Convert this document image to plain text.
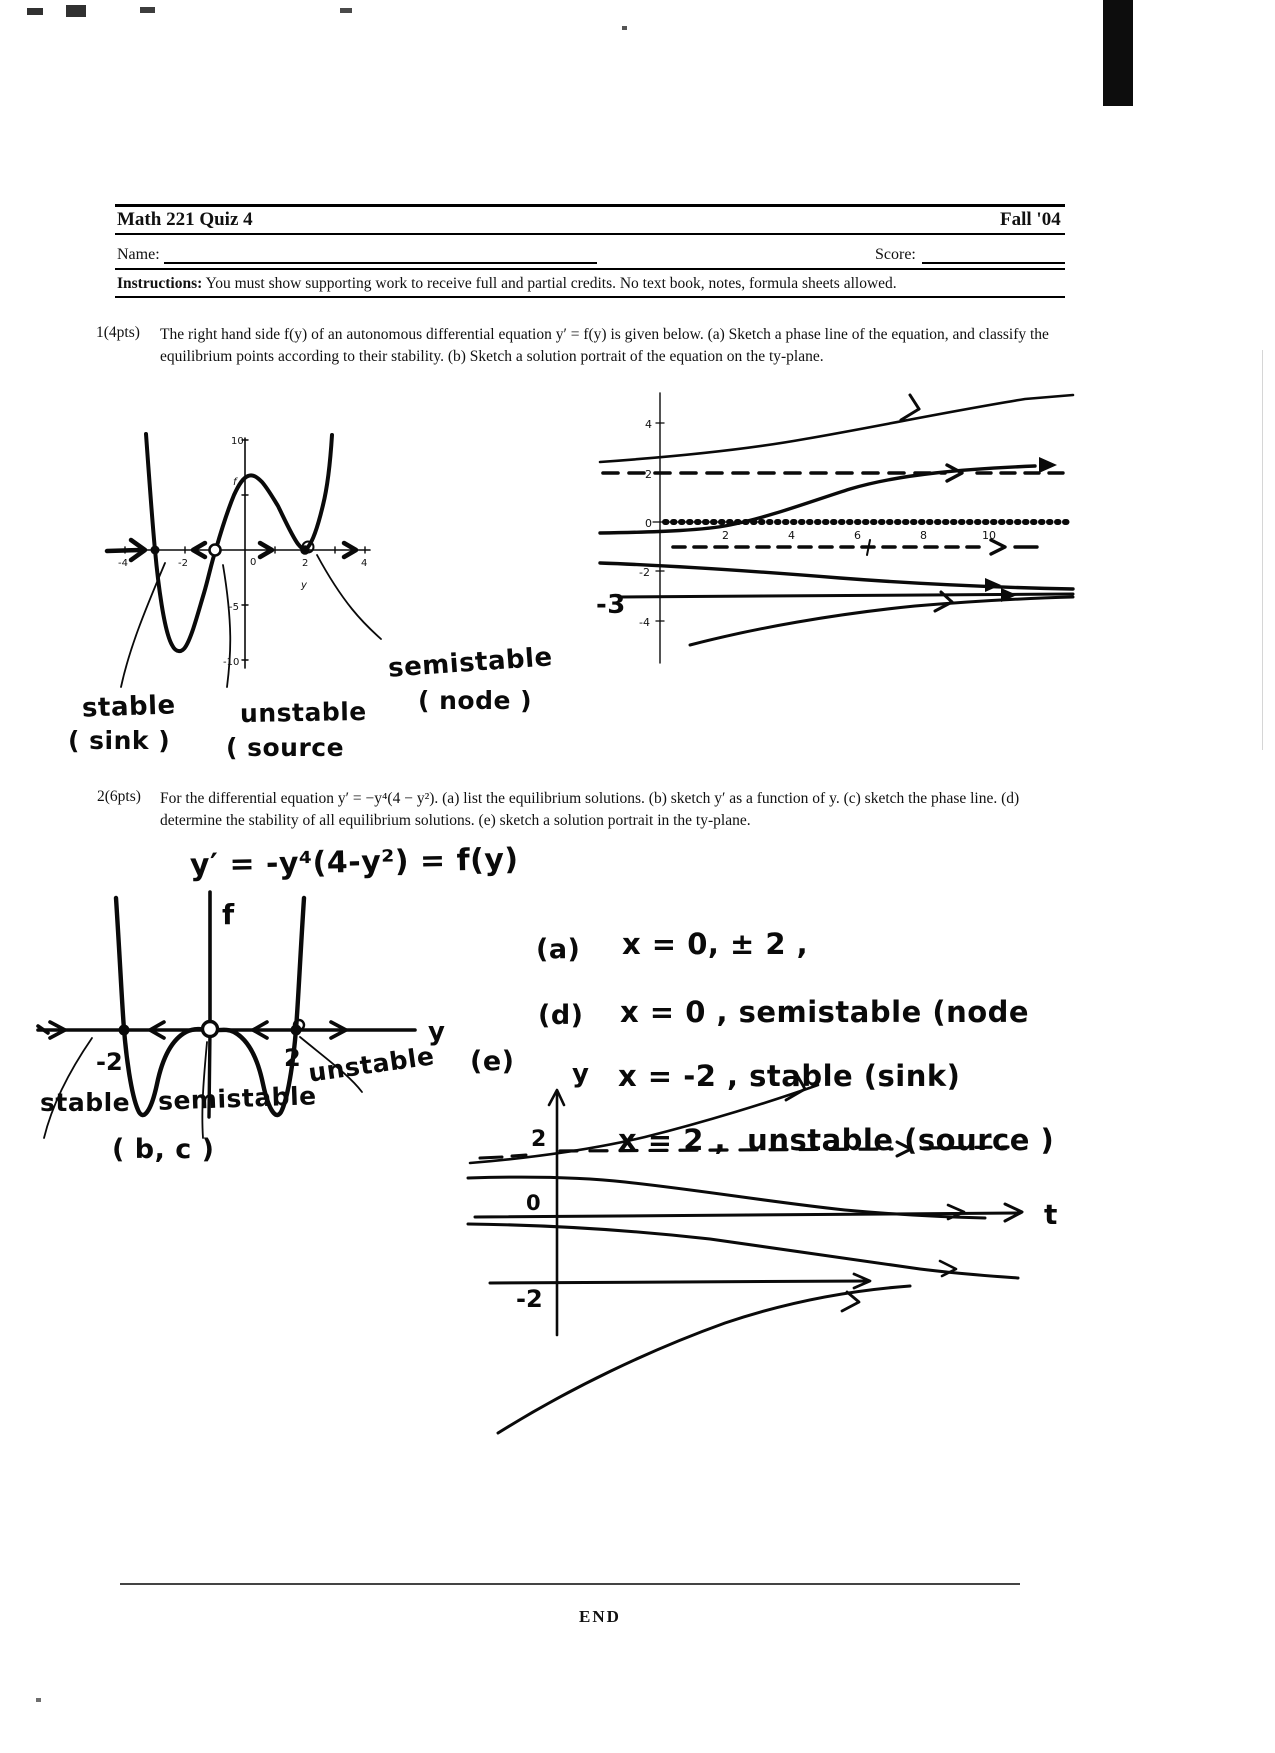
Math 221 Quiz 4	Fall '04
Name:	Score:
Instructions: You must show supporting work to receive full and partial credits. No text book, notes, formula sheets allowed.
1(4pts) The right hand side f(y) of an autonomous differential equation y′ = f(y) is given below. (a) Sketch a phase line of the equation, and classify the equilibrium points according to their stability. (b) Sketch a solution portrait of the equation on the ty-plane.
10
f
-5
-10
-4	-2	0	2	4
y
stable
( sink )
unstable
( source
semistable
( node )
-3
4
2
0
-2
-4
2	4	6	8	10
2(6pts) For the differential equation y′ = −y⁴(4 − y²). (a) list the equilibrium solutions. (b) sketch y′ as a function of y. (c) sketch the phase line. (d) determine the stability of all equilibrium solutions. (e) sketch a solution portrait in the ty-plane.
y′ = -y⁴(4-y²) = f(y)
-2	2
y
f
stable semistable
unstable
( b, c )
(a) x = 0, ± 2 ,
(d) x = 0 , semistable (node
x = -2 , stable (sink)
x = 2 ,  unstable (source )
(e) y
t
2
0
-2
END
